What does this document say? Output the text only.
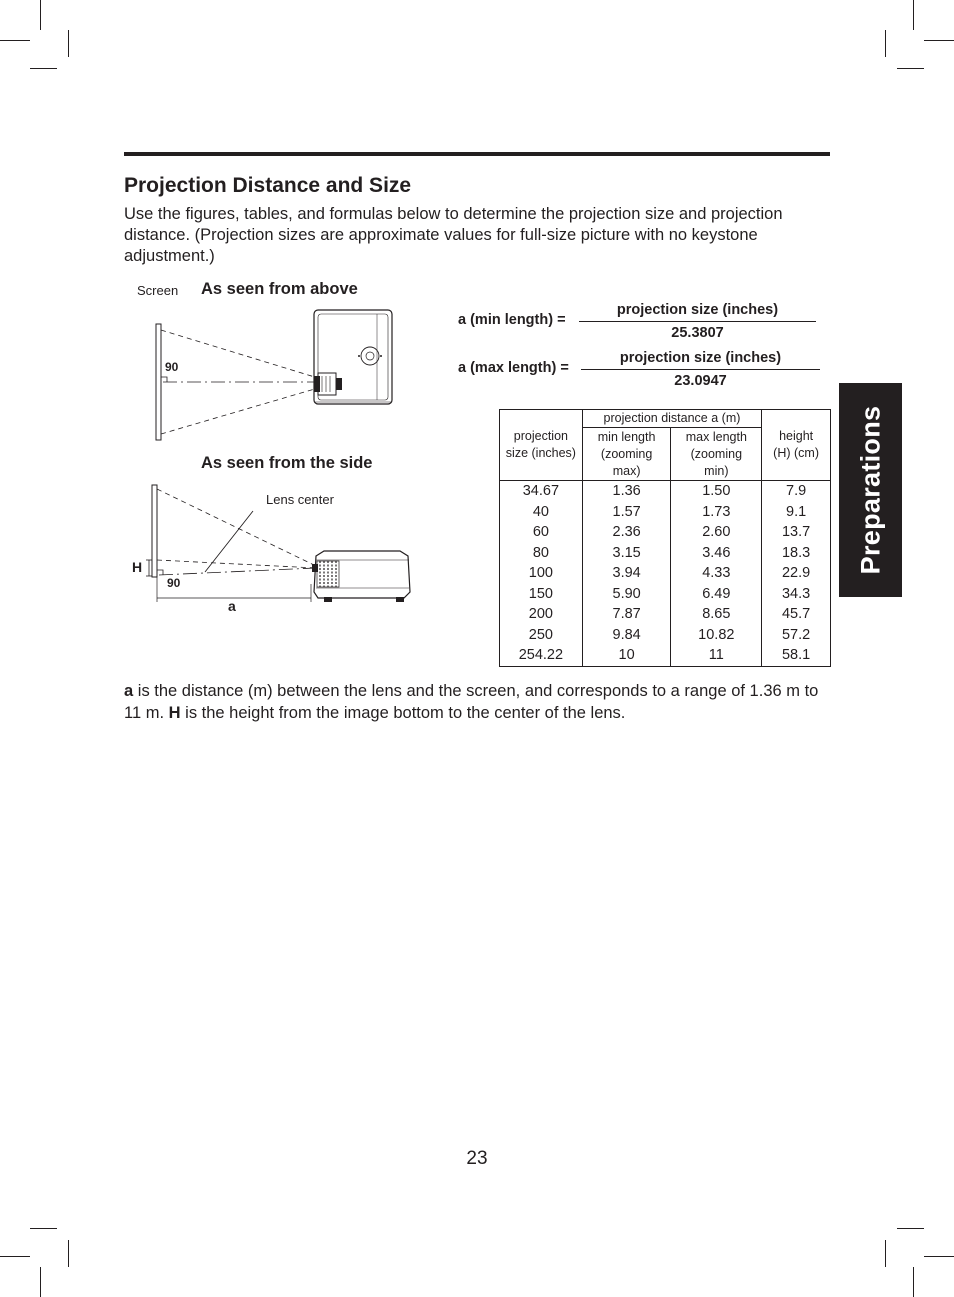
Projection Distance and Size

Use the figures, tables, and formulas below to determine the projection size and projection distance. (Projection sizes are approximate values for full-size picture with no keystone adjustment.)

Preparations
Screen As seen from above
90
As seen from the side
Lens center
H
90
a
a (min length) =
projection size (inches)
25.3807
a (max length) =
projection size (inches)
23.0947
projection size (inches)	projection distance a (m)		height (H) (cm)
	min length (zooming max)	max length (zooming min)	
34.67	1.36	1.50	7.9
40	1.57	1.73	9.1
60	2.36	2.60	13.7
80	3.15	3.46	18.3
100	3.94	4.33	22.9
150	5.90	6.49	34.3
200	7.87	8.65	45.7
250	9.84	10.82	57.2
254.22	10	11	58.1

a is the distance (m) between the lens and the screen, and corresponds to a range of 1.36 m to 11 m. H is the height from the image bottom to the center of the lens.

23
